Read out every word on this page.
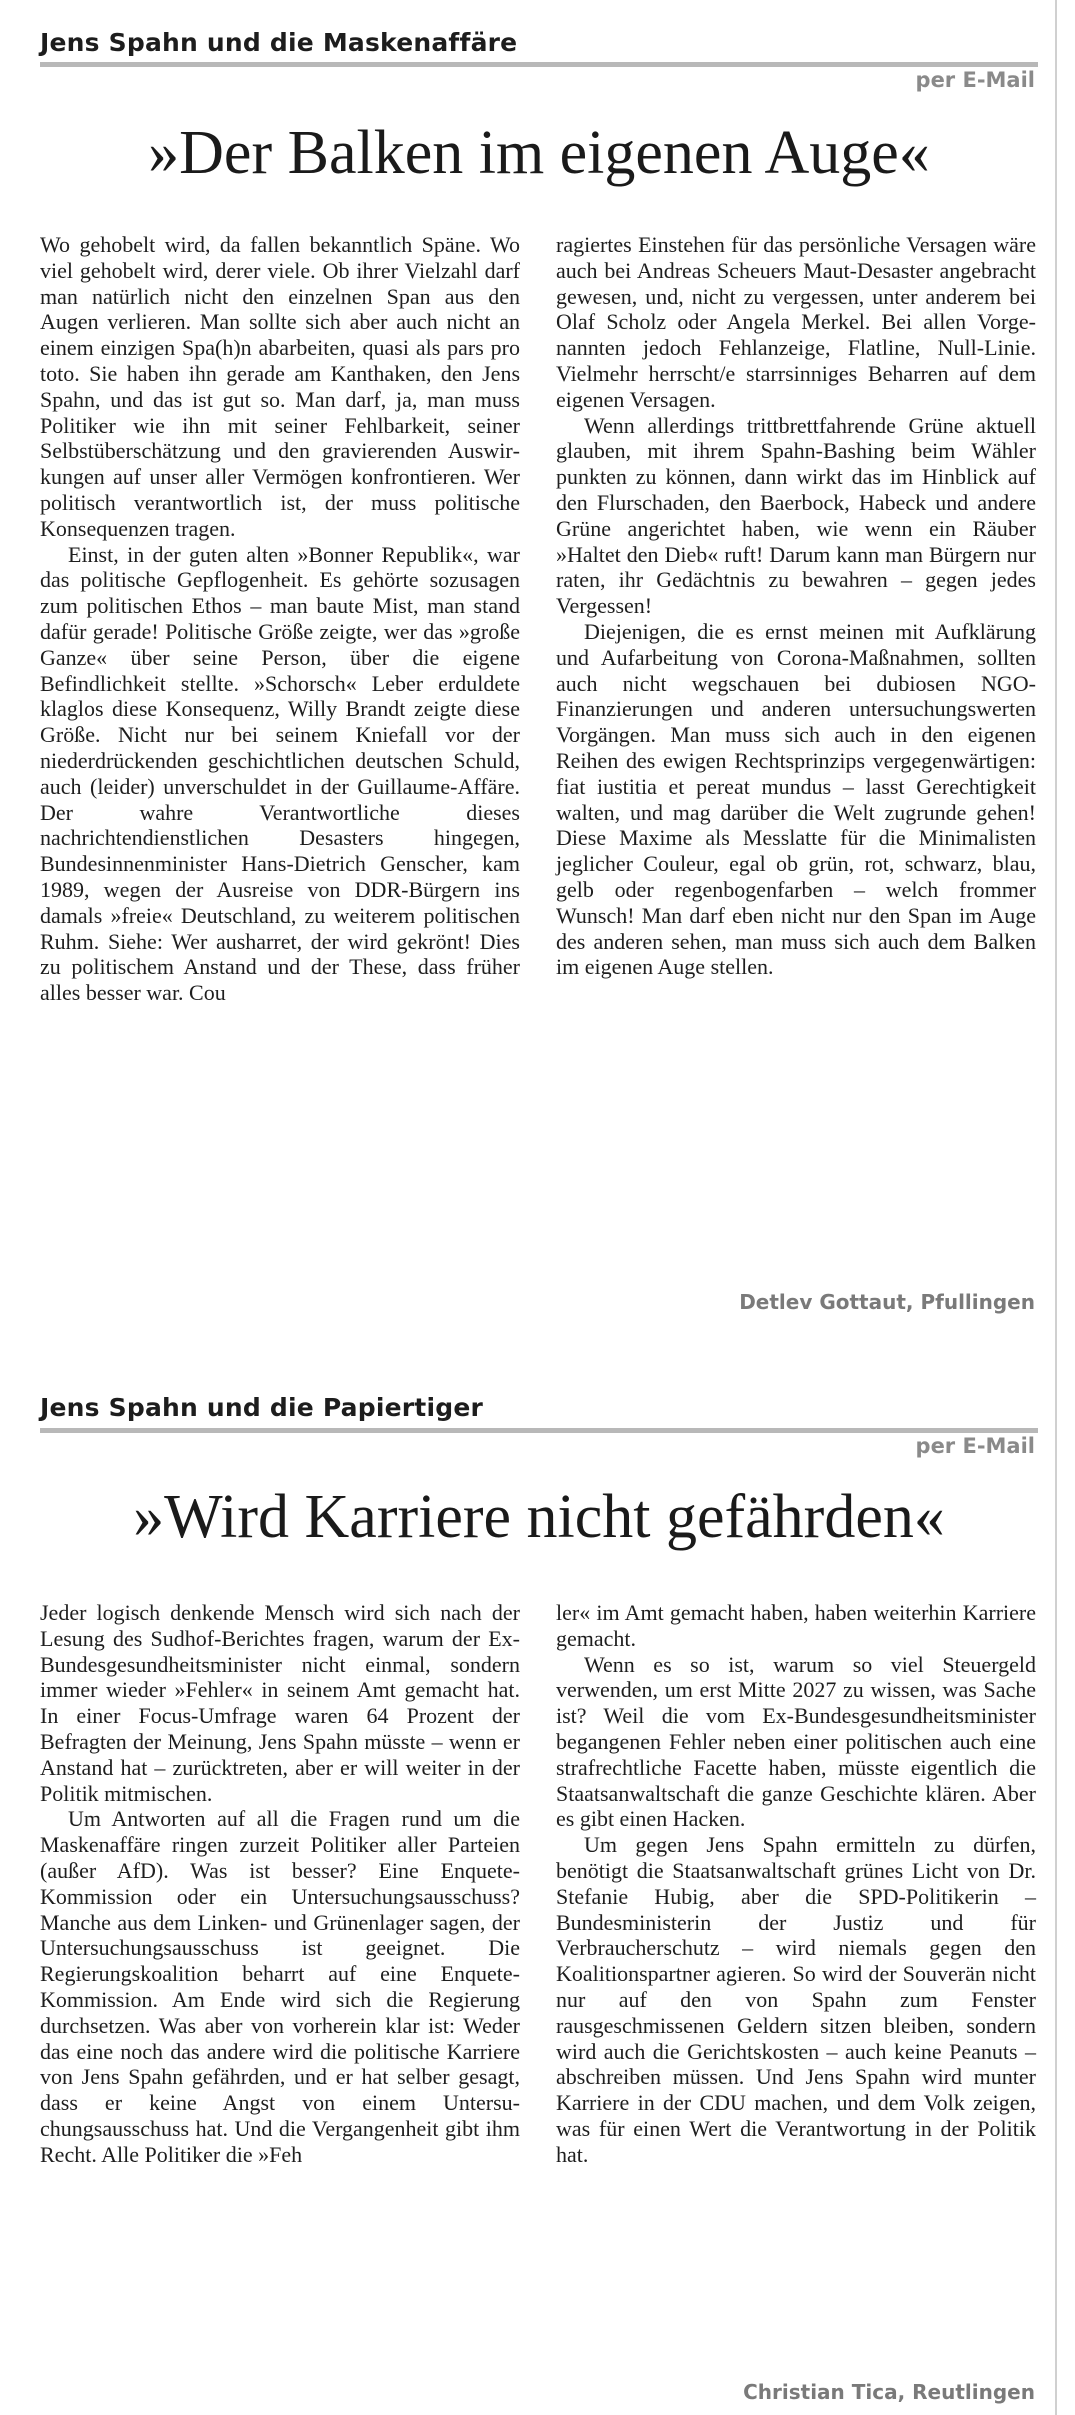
Jens Spahn und die Maskenaffäre
per E-Mail
»Der Balken im eigenen Auge«

Wo gehobelt wird, da fallen bekanntlich Späne. Wo viel gehobelt wird, derer viele. Ob ihrer Vielzahl darf man natürlich nicht den einzelnen Span aus den Augen verlieren. Man sollte sich aber auch nicht an einem einzigen Spa(h)n abarbeiten, quasi als pars pro toto. Sie haben ihn gerade am Kanthaken, den Jens Spahn, und das ist gut so. Man darf, ja, man muss Politiker wie ihn mit seiner Fehlbarkeit, seiner Selbstüberschätzung und den gravierenden Auswirkungen auf unser aller Vermögen konfrontieren. Wer politisch verantwortlich ist, der muss politische Konsequenzen tragen.

Einst, in der guten alten »Bonner Republik«, war das politische Gepflogenheit. Es gehörte sozusagen zum politischen Ethos – man baute Mist, man stand dafür gerade! Politische Größe zeigte, wer das »große Ganze« über seine Person, über die eigene Befindlichkeit stellte. »Schorsch« Leber erduldete klaglos diese Konsequenz, Willy Brandt zeigte diese Größe. Nicht nur bei seinem Kniefall vor der niederdrückenden geschichtlichen deutschen Schuld, auch (leider) unverschuldet in der Guillaume-Affäre. Der wahre Verantwortliche dieses nachrichtendienstlichen Desasters hingegen, Bundesinnenminister Hans-Dietrich Genscher, kam 1989, wegen der Ausreise von DDR-Bürgern ins damals »freie« Deutschland, zu weiterem politischen Ruhm. Siehe: Wer ausharret, der wird gekrönt! Dies zu politischem Anstand und der These, dass früher alles besser war. Cou

ragiertes Einstehen für das persönliche Versagen wäre auch bei Andreas Scheuers Maut-Desaster angebracht gewesen, und, nicht zu vergessen, unter anderem bei Olaf Scholz oder Angela Merkel. Bei allen Vorgenannten jedoch Fehlanzeige, Flatline, Null-Linie. Vielmehr herrscht/e starrsinniges Beharren auf dem eigenen Versagen.

Wenn allerdings trittbrettfahrende Grüne aktuell glauben, mit ihrem Spahn-Bashing beim Wähler punkten zu können, dann wirkt das im Hinblick auf den Flurschaden, den Baerbock, Habeck und andere Grüne angerichtet haben, wie wenn ein Räuber »Haltet den Dieb« ruft! Darum kann man Bürgern nur raten, ihr Gedächtnis zu bewahren – gegen jedes Vergessen!

Diejenigen, die es ernst meinen mit Aufklärung und Aufarbeitung von Corona-Maßnahmen, sollten auch nicht wegschauen bei dubiosen NGO-Finanzierungen und anderen untersuchungswerten Vorgängen. Man muss sich auch in den eigenen Reihen des ewigen Rechtsprinzips vergegenwärtigen: fiat iustitia et pereat mundus – lasst Gerechtigkeit walten, und mag darüber die Welt zugrunde gehen! Diese Maxime als Messlatte für die Minimalisten jeglicher Couleur, egal ob grün, rot, schwarz, blau, gelb oder regenbogenfarben – welch frommer Wunsch! Man darf eben nicht nur den Span im Auge des anderen sehen, man muss sich auch dem Balken im eigenen Auge stellen.

Detlev Gottaut, Pfullingen
Jens Spahn und die Papiertiger
per E-Mail
»Wird Karriere nicht gefährden«

Jeder logisch denkende Mensch wird sich nach der Lesung des Sudhof-Berichtes fragen, warum der Ex-Bundesgesundheitsminister nicht einmal, sondern immer wieder »Fehler« in seinem Amt gemacht hat. In einer Focus-Umfrage waren 64 Prozent der Befragten der Meinung, Jens Spahn müsste – wenn er Anstand hat – zurücktreten, aber er will weiter in der Politik mitmischen.

Um Antworten auf all die Fragen rund um die Maskenaffäre ringen zurzeit Politiker aller Parteien (außer AfD). Was ist besser? Eine Enquete-Kommission oder ein Untersuchungsausschuss? Manche aus dem Linken- und Grünenlager sagen, der Untersuchungsausschuss ist geeignet. Die Regierungskoalition beharrt auf eine Enquete-Kommission. Am Ende wird sich die Regierung durchsetzen. Was aber von vorherein klar ist: Weder das eine noch das andere wird die politische Karriere von Jens Spahn gefährden, und er hat selber gesagt, dass er keine Angst von einem Untersuchungsausschuss hat. Und die Vergangenheit gibt ihm Recht. Alle Politiker die »Feh

ler« im Amt gemacht haben, haben weiterhin Karriere gemacht.

Wenn es so ist, warum so viel Steuergeld verwenden, um erst Mitte 2027 zu wissen, was Sache ist? Weil die vom Ex-Bundesgesundheitsminister begangenen Fehler neben einer politischen auch eine strafrechtliche Facette haben, müsste eigentlich die Staatsanwaltschaft die ganze Geschichte klären. Aber es gibt einen Hacken.

Um gegen Jens Spahn ermitteln zu dürfen, benötigt die Staatsanwaltschaft grünes Licht von Dr. Stefanie Hubig, aber die SPD-Politikerin – Bundesministerin der Justiz und für Verbraucherschutz – wird niemals gegen den Koalitionspartner agieren. So wird der Souverän nicht nur auf den von Spahn zum Fenster rausgeschmissenen Geldern sitzen bleiben, sondern wird auch die Gerichtskosten – auch keine Peanuts – abschreiben müssen. Und Jens Spahn wird munter Karriere in der CDU machen, und dem Volk zeigen, was für einen Wert die Verantwortung in der Politik hat.

Christian Tica, Reutlingen
